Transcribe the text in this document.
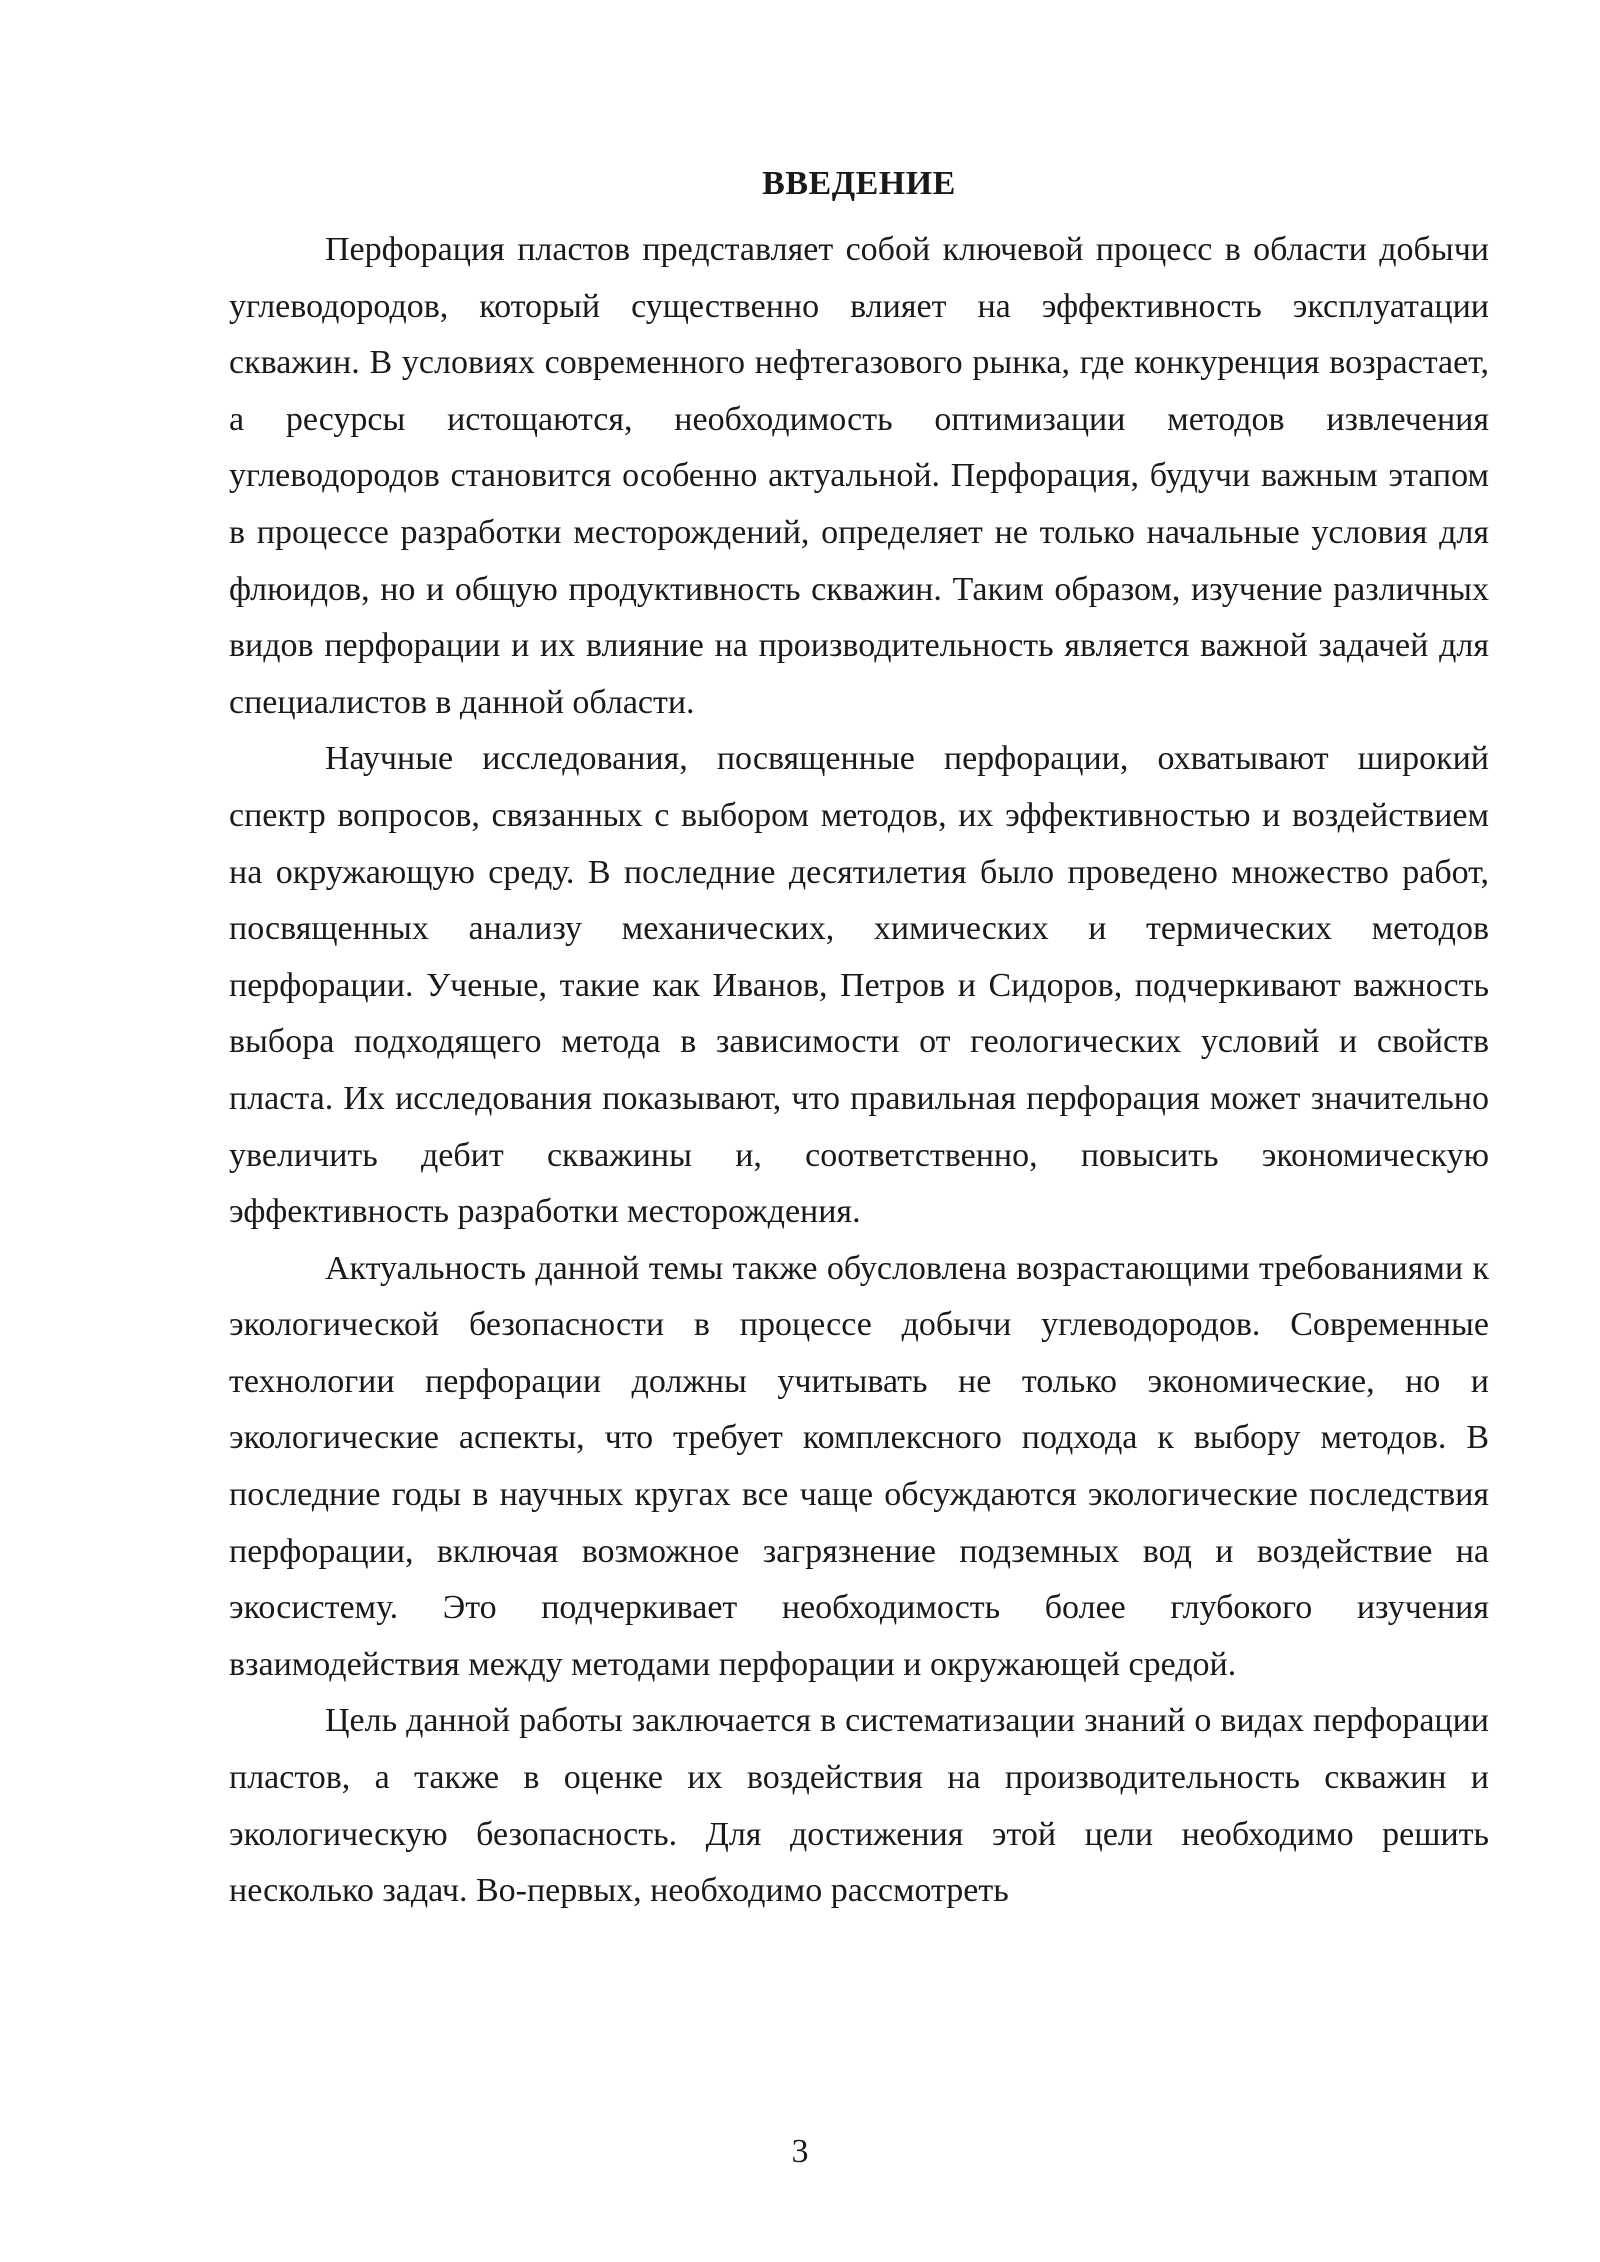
ВВЕДЕНИЕ

Перфорация пластов представляет собой ключевой процесс в области добычи углеводородов, который существенно влияет на эффективность эксплуатации скважин. В условиях современного нефтегазового рынка, где конкуренция возрастает, а ресурсы истощаются, необходимость оптимизации методов извлечения углеводородов становится особенно актуальной. Перфорация, будучи важным этапом в процессе разработки месторождений, определяет не только начальные условия для флюидов, но и общую продуктивность скважин. Таким образом, изучение различных видов перфорации и их влияние на производительность является важной задачей для специалистов в данной области.

Научные исследования, посвященные перфорации, охватывают широкий спектр вопросов, связанных с выбором методов, их эффективностью и воздействием на окружающую среду. В последние десятилетия было проведено множество работ, посвященных анализу механических, химических и термических методов перфорации. Ученые, такие как Иванов, Петров и Сидоров, подчеркивают важность выбора подходящего метода в зависимости от геологических условий и свойств пласта. Их исследования показывают, что правильная перфорация может значительно увеличить дебит скважины и, соответственно, повысить экономическую эффективность разработки месторождения.

Актуальность данной темы также обусловлена возрастающими требованиями к экологической безопасности в процессе добычи углеводородов. Современные технологии перфорации должны учитывать не только экономические, но и экологические аспекты, что требует комплексного подхода к выбору методов. В последние годы в научных кругах все чаще обсуждаются экологические последствия перфорации, включая возможное загрязнение подземных вод и воздействие на экосистему. Это подчеркивает необходимость более глубокого изучения взаимодействия между методами перфорации и окружающей средой.

Цель данной работы заключается в систематизации знаний о видах перфорации пластов, а также в оценке их воздействия на производительность скважин и экологическую безопасность. Для достижения этой цели необходимо решить несколько задач. Во-первых, необходимо рассмотреть

3
